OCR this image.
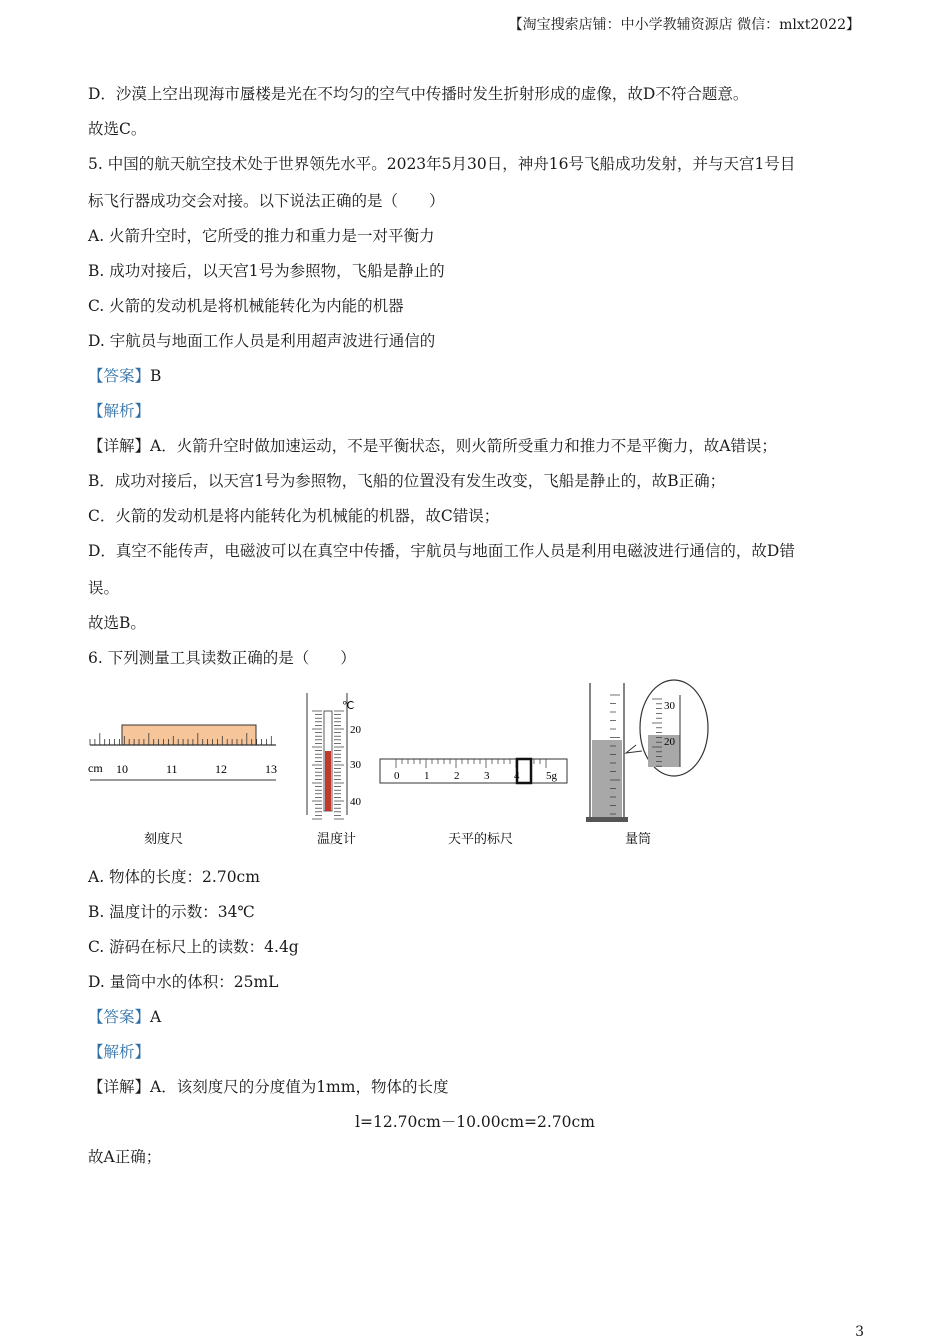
【淘宝搜索店铺：中小学教辅资源店 微信：mlxt2022】
D．沙漠上空出现海市蜃楼是光在不均匀的空气中传播时发生折射形成的虚像，故D不符合题意。
故选C。
5. 中国的航天航空技术处于世界领先水平。2023年5月30日，神舟16号飞船成功发射，并与天宫1号目
标飞行器成功交会对接。以下说法正确的是（　　）
A. 火箭升空时，它所受的推力和重力是一对平衡力
B. 成功对接后，以天宫1号为参照物，飞船是静止的
C. 火箭的发动机是将机械能转化为内能的机器
D. 宇航员与地面工作人员是利用超声波进行通信的
【答案】B
【解析】
【详解】A．火箭升空时做加速运动，不是平衡状态，则火箭所受重力和推力不是平衡力，故A错误；
B．成功对接后，以天宫1号为参照物，飞船的位置没有发生改变，飞船是静止的，故B正确；
C．火箭的发动机是将内能转化为机械能的机器，故C错误；
D．真空不能传声，电磁波可以在真空中传播，宇航员与地面工作人员是利用电磁波进行通信的，故D错
误。
故选B。
6. 下列测量工具读数正确的是（　　）
cm 10	11	12	13
℃
20
30
40
0 1 2 3 4 5g
30
20
刻度尺	温度计	天平的标尺	量筒
A. 物体的长度：2.70cm
B. 温度计的示数：34℃
C. 游码在标尺上的读数：4.4g
D. 量筒中水的体积：25mL
【答案】A
【解析】
【详解】A．该刻度尺的分度值为1mm，物体的长度
l=12.70cm－10.00cm=2.70cm
故A正确；
3
